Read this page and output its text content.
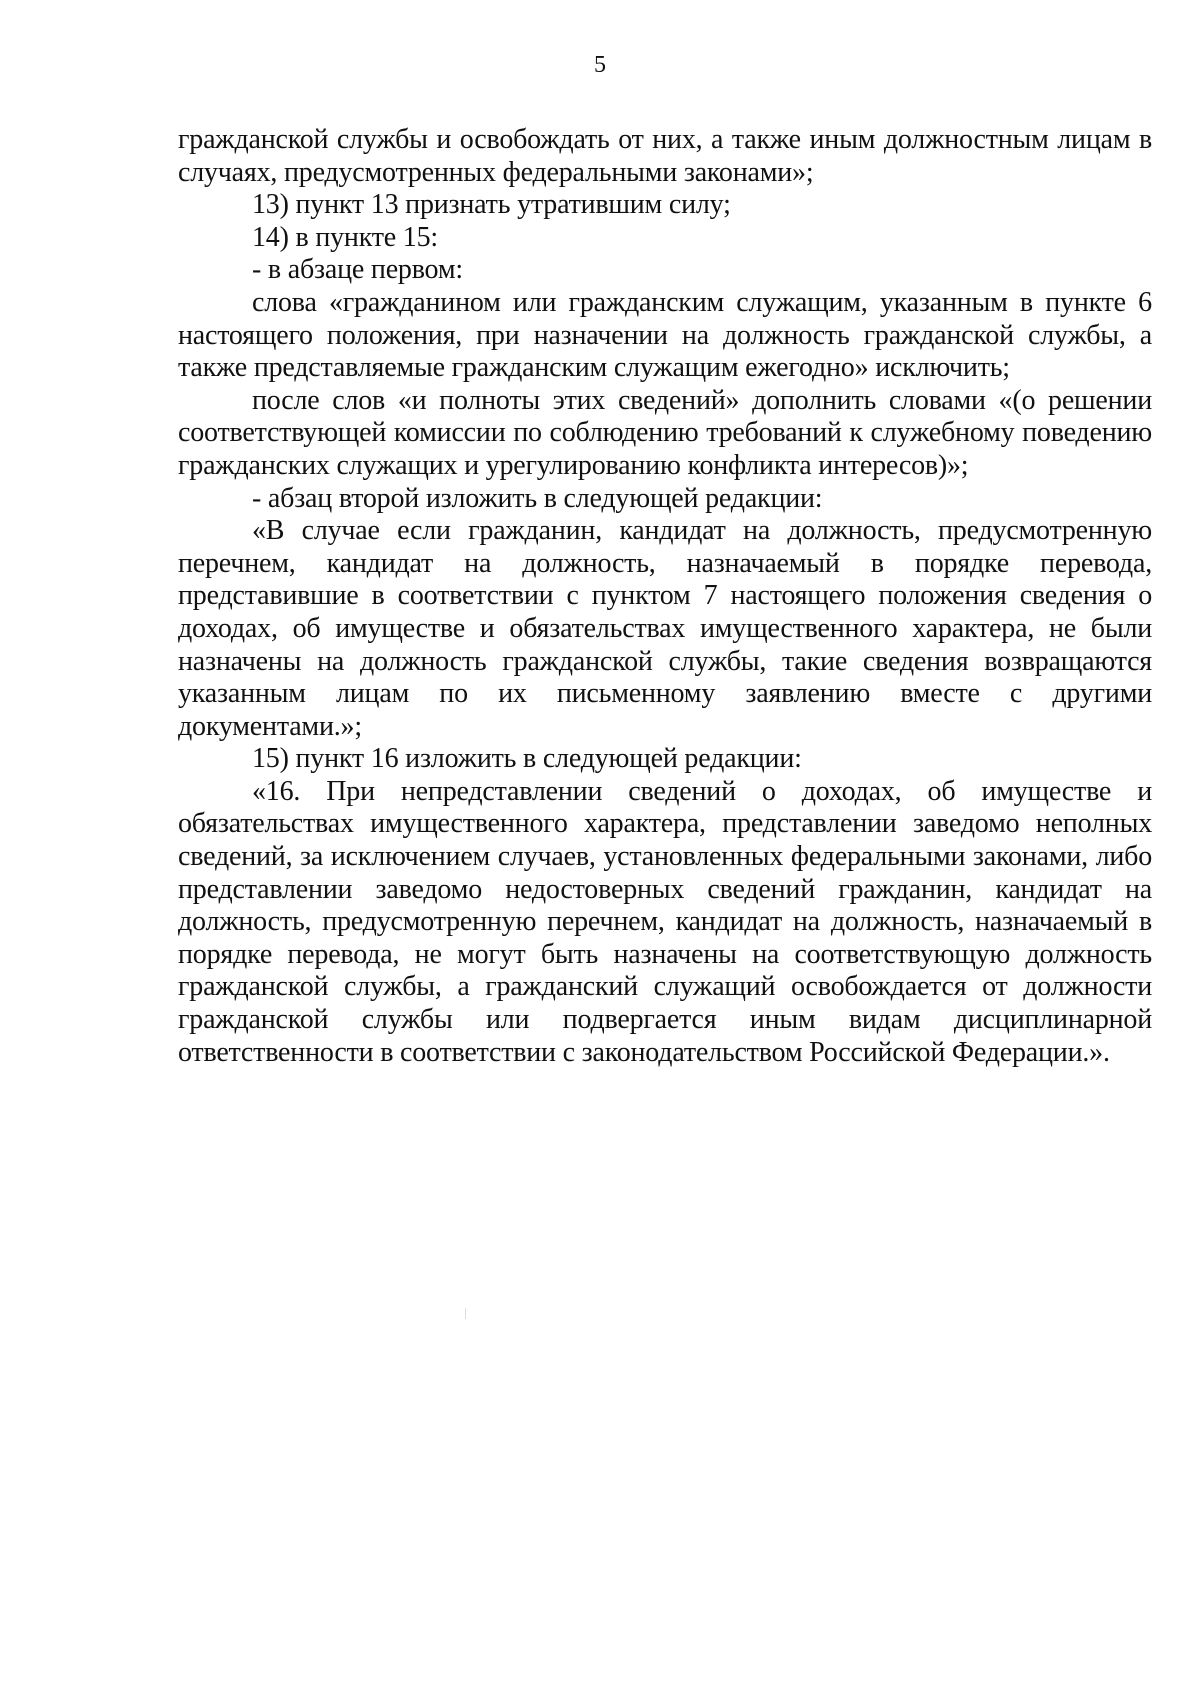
5

гражданской службы и освобождать от них, а также иным должностным лицам в случаях, предусмотренных федеральными законами»;

13) пункт 13 признать утратившим силу;

14) в пункте 15:

- в абзаце первом:

слова «гражданином или гражданским служащим, указанным в пункте 6 настоящего положения, при назначении на должность гражданской службы, а также представляемые гражданским служащим ежегодно» исключить;

после слов «и полноты этих сведений» дополнить словами «(о решении соответствующей комиссии по соблюдению требований к служебному поведению гражданских служащих и урегулированию конфликта интересов)»;

- абзац второй изложить в следующей редакции:

«В случае если гражданин, кандидат на должность, предусмотренную перечнем, кандидат на должность, назначаемый в порядке перевода, представившие в соответствии с пунктом 7 настоящего положения сведения о доходах, об имуществе и обязательствах имущественного характера, не были назначены на должность гражданской службы, такие сведения возвращаются указанным лицам по их письменному заявлению вместе с другими документами.»;

15) пункт 16 изложить в следующей редакции:

«16. При непредставлении сведений о доходах, об имуществе и обязательствах имущественного характера, представлении заведомо неполных сведений, за исключением случаев, установленных федеральными законами, либо представлении заведомо недостоверных сведений гражданин, кандидат на должность, предусмотренную перечнем, кандидат на должность, назначаемый в порядке перевода, не могут быть назначены на соответствующую должность гражданской службы, а гражданский служащий освобождается от должности гражданской службы или подвергается иным видам дисциплинарной ответственности в соответствии с законодательством Российской Федерации.».
